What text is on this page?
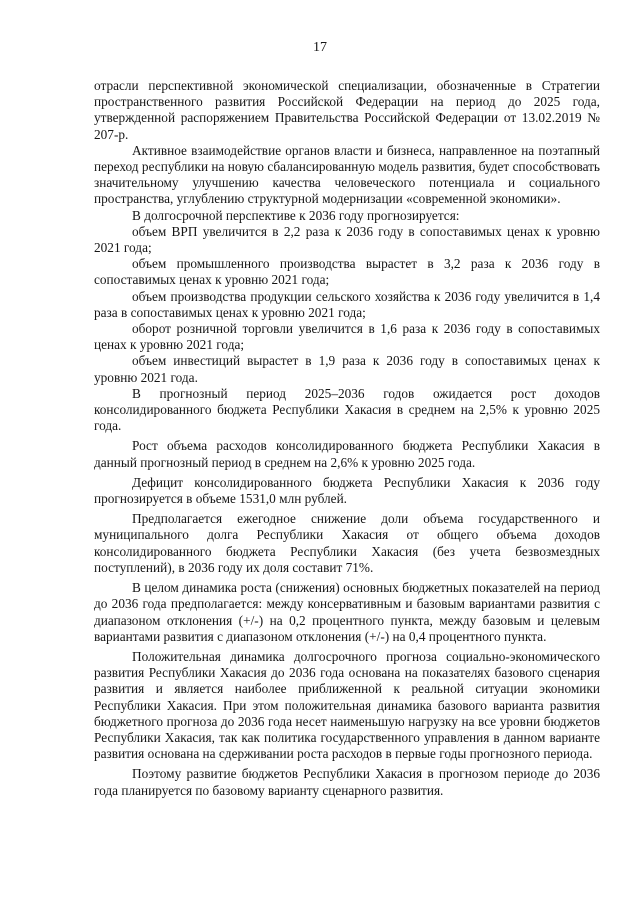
17

отрасли перспективной экономической специализации, обозначенные в Стратегии пространственного развития Российской Федерации на период до 2025 года, утвержденной распоряжением Правительства Российской Федерации от 13.02.2019 № 207-р.

Активное взаимодействие органов власти и бизнеса, направленное на поэтапный переход республики на новую сбалансированную модель развития, будет способствовать значительному улучшению качества человеческого потенциала и социального пространства, углублению структурной модернизации «современной экономики».

В долгосрочной перспективе к 2036 году прогнозируется:

объем ВРП увеличится в 2,2 раза к 2036 году в сопоставимых ценах к уровню 2021 года;

объем промышленного производства вырастет в 3,2 раза к 2036 году в сопоставимых ценах к уровню 2021 года;

объем производства продукции сельского хозяйства к 2036 году увеличится в 1,4 раза в сопоставимых ценах к уровню 2021 года;

оборот розничной торговли увеличится в 1,6 раза к 2036 году в сопоставимых ценах к уровню 2021 года;

объем инвестиций вырастет в 1,9 раза к 2036 году в сопоставимых ценах к уровню 2021 года.

В прогнозный период 2025–2036 годов ожидается рост доходов консолидированного бюджета Республики Хакасия в среднем на 2,5% к уровню 2025 года.

Рост объема расходов консолидированного бюджета Республики Хакасия в данный прогнозный период в среднем на 2,6% к уровню 2025 года.

Дефицит консолидированного бюджета Республики Хакасия к 2036 году прогнозируется в объеме 1531,0 млн рублей.

Предполагается ежегодное снижение доли объема государственного и муниципального долга Республики Хакасия от общего объема доходов консолидированного бюджета Республики Хакасия (без учета безвозмездных поступлений), в 2036 году их доля составит 71%.

В целом динамика роста (снижения) основных бюджетных показателей на период до 2036 года предполагается: между консервативным и базовым вариантами развития с диапазоном отклонения (+/-) на 0,2 процентного пункта, между базовым и целевым вариантами развития с диапазоном отклонения (+/-) на 0,4 процентного пункта.

Положительная динамика долгосрочного прогноза социально-экономического развития Республики Хакасия до 2036 года основана на показателях базового сценария развития и является наиболее приближенной к реальной ситуации экономики Республики Хакасия. При этом положительная динамика базового варианта развития бюджетного прогноза до 2036 года несет наименьшую нагрузку на все уровни бюджетов Республики Хакасия, так как политика государственного управления в данном варианте развития основана на сдерживании роста расходов в первые годы прогнозного периода.

Поэтому развитие бюджетов Республики Хакасия в прогнозом периоде до 2036 года планируется по базовому варианту сценарного развития.
